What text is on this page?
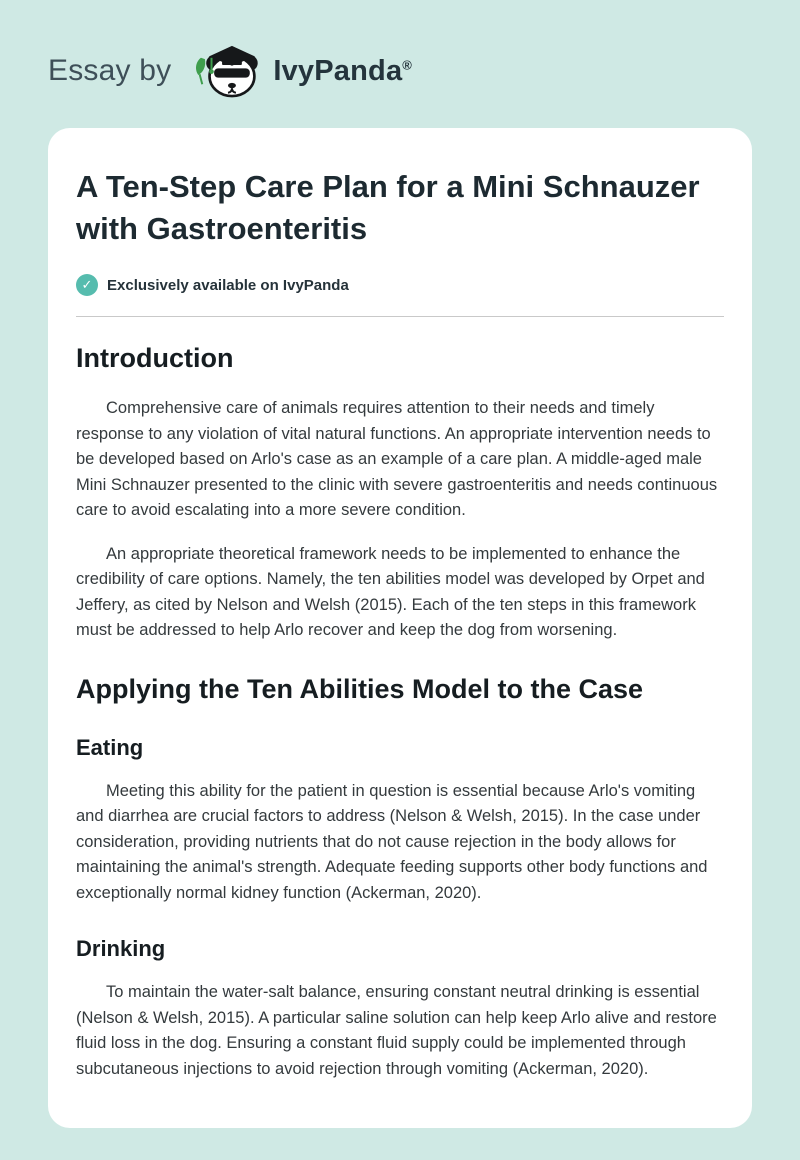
Essay by	IvyPanda®
A Ten-Step Care Plan for a Mini Schnauzer with Gastroenteritis
✓ Exclusively available on IvyPanda
Introduction

Comprehensive care of animals requires attention to their needs and timely response to any violation of vital natural functions. An appropriate intervention needs to be developed based on Arlo's case as an example of a care plan. A middle-aged male Mini Schnauzer presented to the clinic with severe gastroenteritis and needs continuous care to avoid escalating into a more severe condition.

An appropriate theoretical framework needs to be implemented to enhance the credibility of care options. Namely, the ten abilities model was developed by Orpet and Jeffery, as cited by Nelson and Welsh (2015). Each of the ten steps in this framework must be addressed to help Arlo recover and keep the dog from worsening.

Applying the Ten Abilities Model to the Case
Eating

Meeting this ability for the patient in question is essential because Arlo's vomiting and diarrhea are crucial factors to address (Nelson & Welsh, 2015). In the case under consideration, providing nutrients that do not cause rejection in the body allows for maintaining the animal's strength. Adequate feeding supports other body functions and exceptionally normal kidney function (Ackerman, 2020).

Drinking

To maintain the water-salt balance, ensuring constant neutral drinking is essential (Nelson & Welsh, 2015). A particular saline solution can help keep Arlo alive and restore fluid loss in the dog. Ensuring a constant fluid supply could be implemented through subcutaneous injections to avoid rejection through vomiting (Ackerman, 2020).
